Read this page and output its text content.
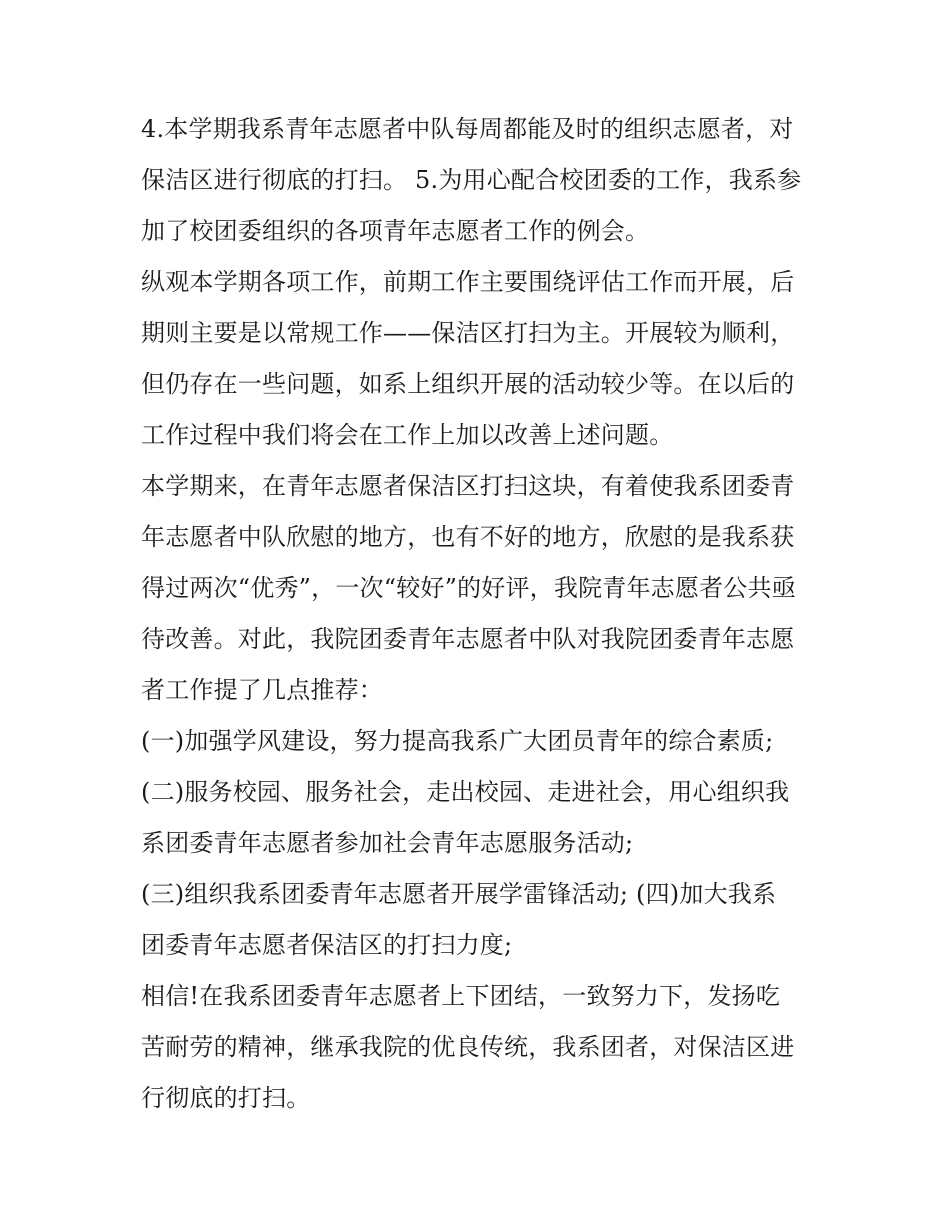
4.本学期我系青年志愿者中队每周都能及时的组织志愿者，对
保洁区进行彻底的打扫。 5.为用心配合校团委的工作，我系参
加了校团委组织的各项青年志愿者工作的例会。
纵观本学期各项工作，前期工作主要围绕评估工作而开展，后
期则主要是以常规工作——保洁区打扫为主。开展较为顺利，
但仍存在一些问题，如系上组织开展的活动较少等。在以后的
工作过程中我们将会在工作上加以改善上述问题。
本学期来，在青年志愿者保洁区打扫这块，有着使我系团委青
年志愿者中队欣慰的地方，也有不好的地方，欣慰的是我系获
得过两次“优秀”，一次“较好”的好评，我院青年志愿者公共亟
待改善。对此，我院团委青年志愿者中队对我院团委青年志愿
者工作提了几点推荐：
(一)加强学风建设，努力提高我系广大团员青年的综合素质;
(二)服务校园、服务社会，走出校园、走进社会，用心组织我
系团委青年志愿者参加社会青年志愿服务活动;
(三)组织我系团委青年志愿者开展学雷锋活动; (四)加大我系
团委青年志愿者保洁区的打扫力度;
相信!在我系团委青年志愿者上下团结，一致努力下，发扬吃
苦耐劳的精神，继承我院的优良传统，我系团者，对保洁区进
行彻底的打扫。
